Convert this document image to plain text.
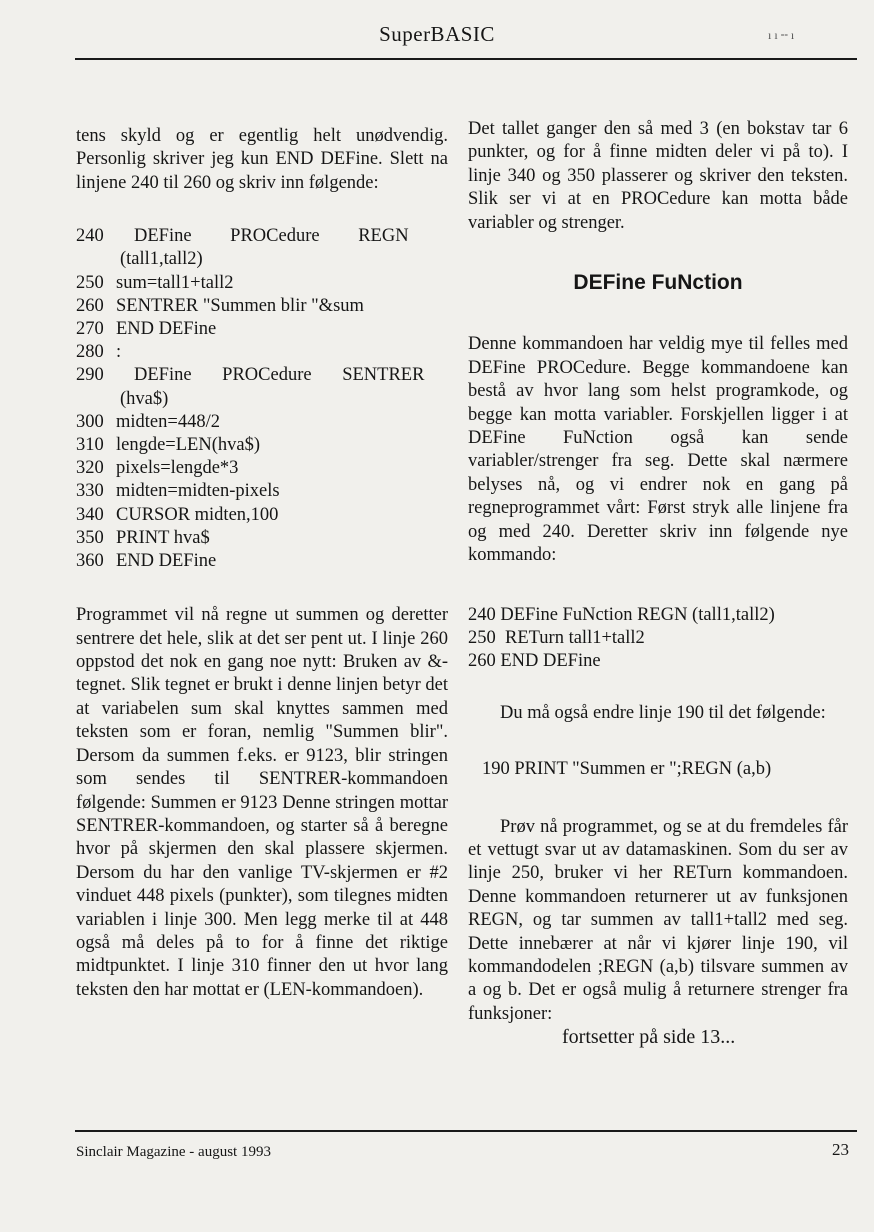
SuperBASIC	ı ı ╌ ı

tens skyld og er egentlig helt unødvendig. Personlig skriver jeg kun END DEFine. Slett na linjene 240 til 260 og skriv inn følgende:

240	DEFine PROCedure REGN
(tall1,tall2)
250 sum=tall1+tall2
260 SENTRER "Summen blir "&sum
270 END DEFine
280 :
290	DEFine PROCedure SENTRER
(hva$)
300 midten=448/2
310 lengde=LEN(hva$)
320 pixels=lengde*3
330 midten=midten-pixels
340 CURSOR midten,100
350 PRINT hva$
360 END DEFine

Programmet vil nå regne ut summen og deretter sentrere det hele, slik at det ser pent ut. I linje 260 oppstod det nok en gang noe nytt: Bruken av &-tegnet. Slik tegnet er brukt i denne linjen betyr det at variabelen sum skal knyttes sammen med teksten som er foran, nemlig "Summen blir". Dersom da summen f.eks. er 9123, blir stringen som sendes til SENTRER-kommandoen følgende: Summen er 9123 Denne stringen mottar SENTRER-kommandoen, og starter så å beregne hvor på skjermen den skal plassere skjermen. Dersom du har den vanlige TV-skjermen er #2 vinduet 448 pixels (punkter), som tilegnes midten variablen i linje 300. Men legg merke til at 448 også må deles på to for å finne det riktige midtpunktet. I linje 310 finner den ut hvor lang teksten den har mottat er (LEN-kommandoen).

Det tallet ganger den så med 3 (en bokstav tar 6 punkter, og for å finne midten deler vi på to). I linje 340 og 350 plasserer og skriver den teksten. Slik ser vi at en PROCedure kan motta både variabler og strenger.

DEFine FuNction

Denne kommandoen har veldig mye til felles med DEFine PROCedure. Begge kommandoene kan bestå av hvor lang som helst programkode, og begge kan motta variabler. Forskjellen ligger i at DEFine FuNction også kan sende variabler/strenger fra seg. Dette skal nærmere belyses nå, og vi endrer nok en gang på regneprogrammet vårt: Først stryk alle linjene fra og med 240. Deretter skriv inn følgende nye kommando:

240 DEFine FuNction REGN (tall1,tall2)
250 RETurn tall1+tall2
260 END DEFine

Du må også endre linje 190 til det følgende:

190 PRINT "Summen er ";REGN (a,b)

Prøv nå programmet, og se at du fremdeles får et vettugt svar ut av datamaskinen. Som du ser av linje 250, bruker vi her RETurn kommandoen. Denne kommandoen returnerer ut av funksjonen REGN, og tar summen av tall1+tall2 med seg. Dette innebærer at når vi kjører linje 190, vil kommandodelen ;REGN (a,b) tilsvare summen av a og b. Det er også mulig å returnere strenger fra funksjoner:

fortsetter på side 13...
Sinclair Magazine - august 1993	23
